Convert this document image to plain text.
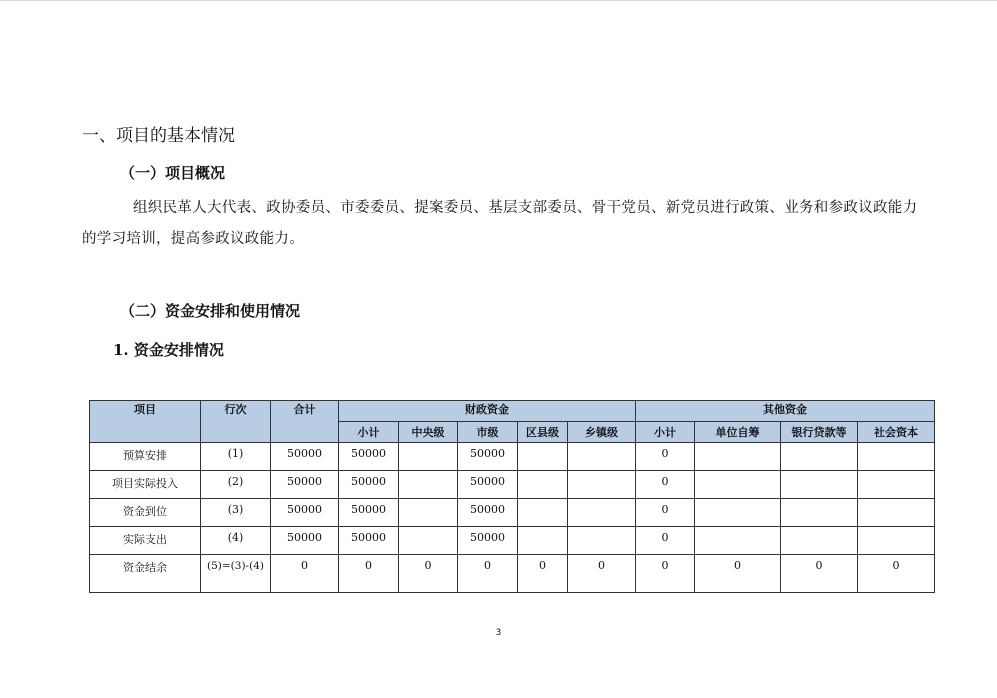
一、项目的基本情况
（一）项目概况
组织民革人大代表、政协委员、市委委员、提案委员、基层支部委员、骨干党员、新党员进行政策、业务和参政议政能力的学习培训，提高参政议政能力。
（二）资金安排和使用情况
1. 资金安排情况
项目	行次	合计	财政资金					其他资金			
			小计	中央级	市级	区县级	乡镇级	小计	单位自筹	银行贷款等	社会资本
预算安排	(1)	50000	50000		50000			0			
项目实际投入	(2)	50000	50000		50000			0			
资金到位	(3)	50000	50000		50000			0			
实际支出	(4)	50000	50000		50000			0			
资金结余	(5)=(3)-(4)	0	0	0	0	0	0	0	0	0	0
3
